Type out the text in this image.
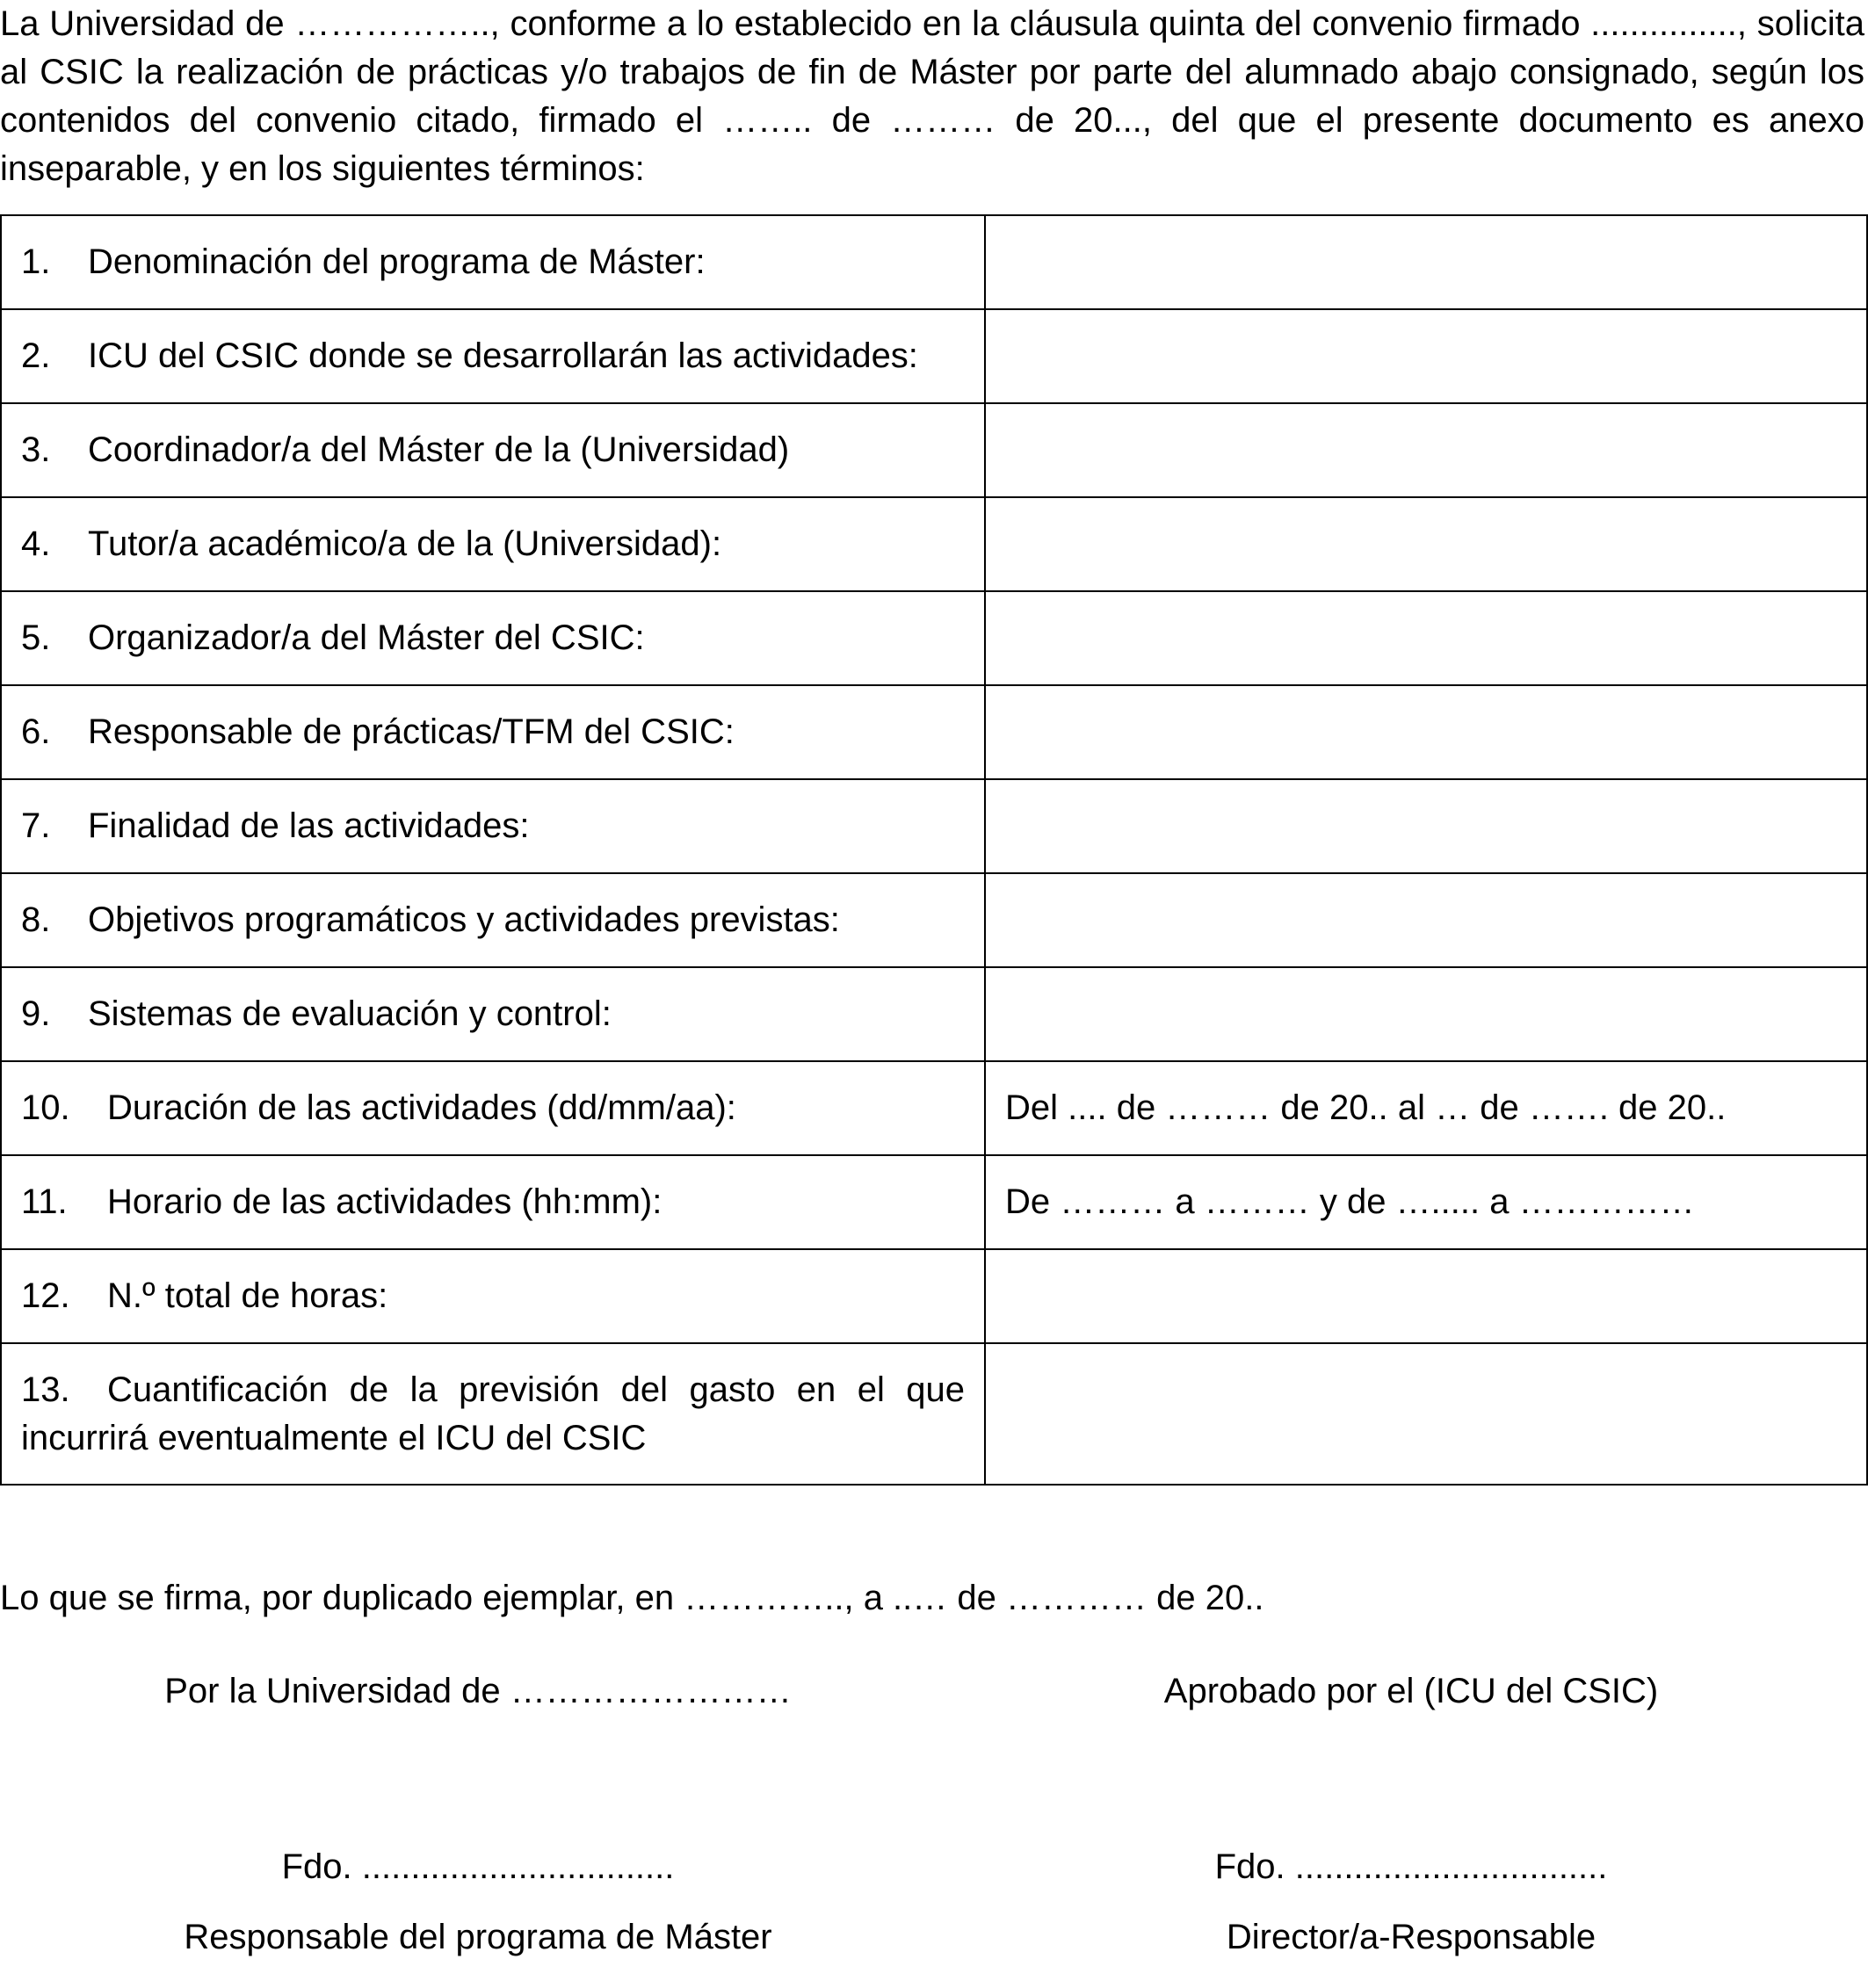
La Universidad de …………….., conforme a lo establecido en la cláusula quinta del convenio firmado ..............., solicita al CSIC la realización de prácticas y/o trabajos de fin de Máster por parte del alumnado abajo consignado, según los contenidos del convenio citado, firmado el …….. de ……… de 20..., del que el presente documento es anexo inseparable, y en los siguientes términos:

1. Denominación del programa de Máster:	
2. ICU del CSIC donde se desarrollarán las actividades:	
3. Coordinador/a del Máster de la (Universidad)	
4. Tutor/a académico/a de la (Universidad):	
5. Organizador/a del Máster del CSIC:	
6. Responsable de prácticas/TFM del CSIC:	
7. Finalidad de las actividades:	
8. Objetivos programáticos y actividades previstas:	
9. Sistemas de evaluación y control:	
10. Duración de las actividades (dd/mm/aa):	Del .... de ……… de 20.. al … de ……. de 20..
11. Horario de las actividades (hh:mm):	De ……… a ……… y de …..... a ……………
12. N.º total de horas:	
13. Cuantificación de la previsión del gasto en el que incurrirá eventualmente el ICU del CSIC	
Lo que se firma, por duplicado ejemplar, en ………….., a ..… de ………… de 20..
Por la Universidad de ……………………	Aprobado por el (ICU del CSIC)
Fdo. ................................	Fdo. ................................
Responsable del programa de Máster	Director/a-Responsable
